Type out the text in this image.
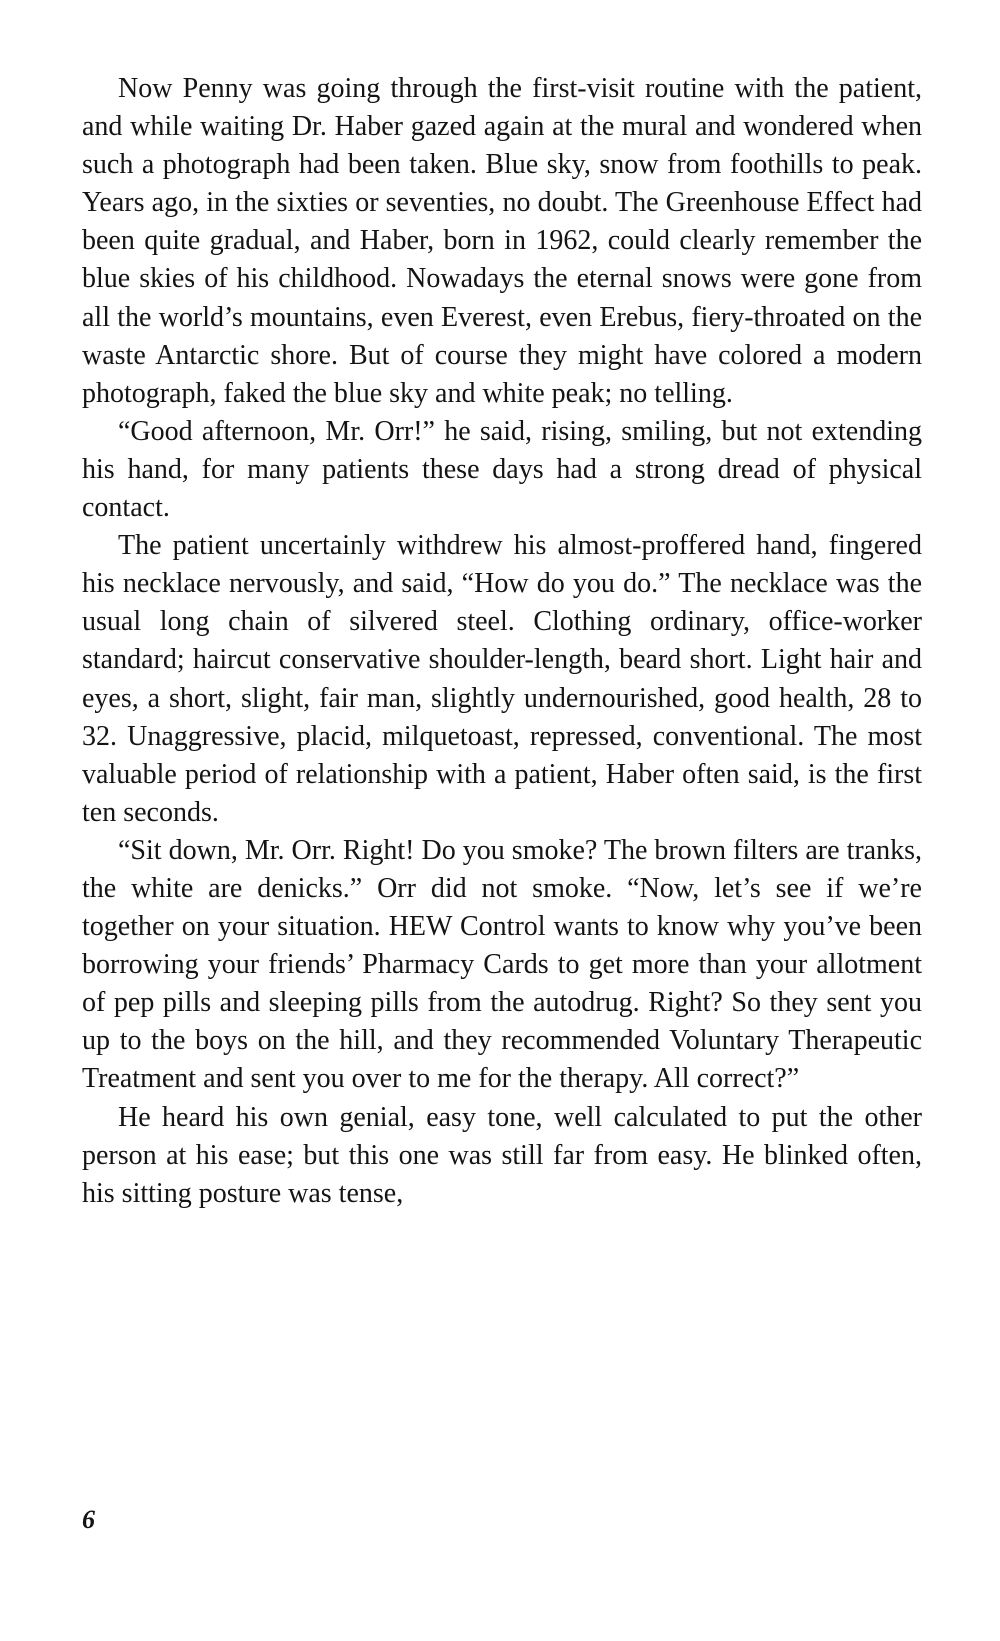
Now Penny was going through the first-visit routine with the patient, and while waiting Dr. Haber gazed again at the mural and wondered when such a photograph had been taken. Blue sky, snow from foothills to peak. Years ago, in the sixties or seventies, no doubt. The Greenhouse Effect had been quite gradual, and Haber, born in 1962, could clearly remember the blue skies of his childhood. Nowadays the eternal snows were gone from all the world’s mountains, even Everest, even Erebus, fiery-throated on the waste Antarctic shore. But of course they might have colored a modern photograph, faked the blue sky and white peak; no telling.

“Good afternoon, Mr. Orr!” he said, rising, smiling, but not extending his hand, for many patients these days had a strong dread of physical contact.

The patient uncertainly withdrew his almost-proffered hand, fingered his necklace nervously, and said, “How do you do.” The necklace was the usual long chain of silvered steel. Clothing ordinary, office-worker standard; haircut conservative shoulder-length, beard short. Light hair and eyes, a short, slight, fair man, slightly undernourished, good health, 28 to 32. Unaggressive, placid, milquetoast, repressed, conventional. The most valuable period of relationship with a patient, Haber often said, is the first ten seconds.

“Sit down, Mr. Orr. Right! Do you smoke? The brown filters are tranks, the white are denicks.” Orr did not smoke. “Now, let’s see if we’re together on your situation. HEW Control wants to know why you’ve been borrowing your friends’ Pharmacy Cards to get more than your allotment of pep pills and sleeping pills from the autodrug. Right? So they sent you up to the boys on the hill, and they recommended Voluntary Therapeutic Treatment and sent you over to me for the therapy. All correct?”

He heard his own genial, easy tone, well calculated to put the other person at his ease; but this one was still far from easy. He blinked often, his sitting posture was tense,

6
